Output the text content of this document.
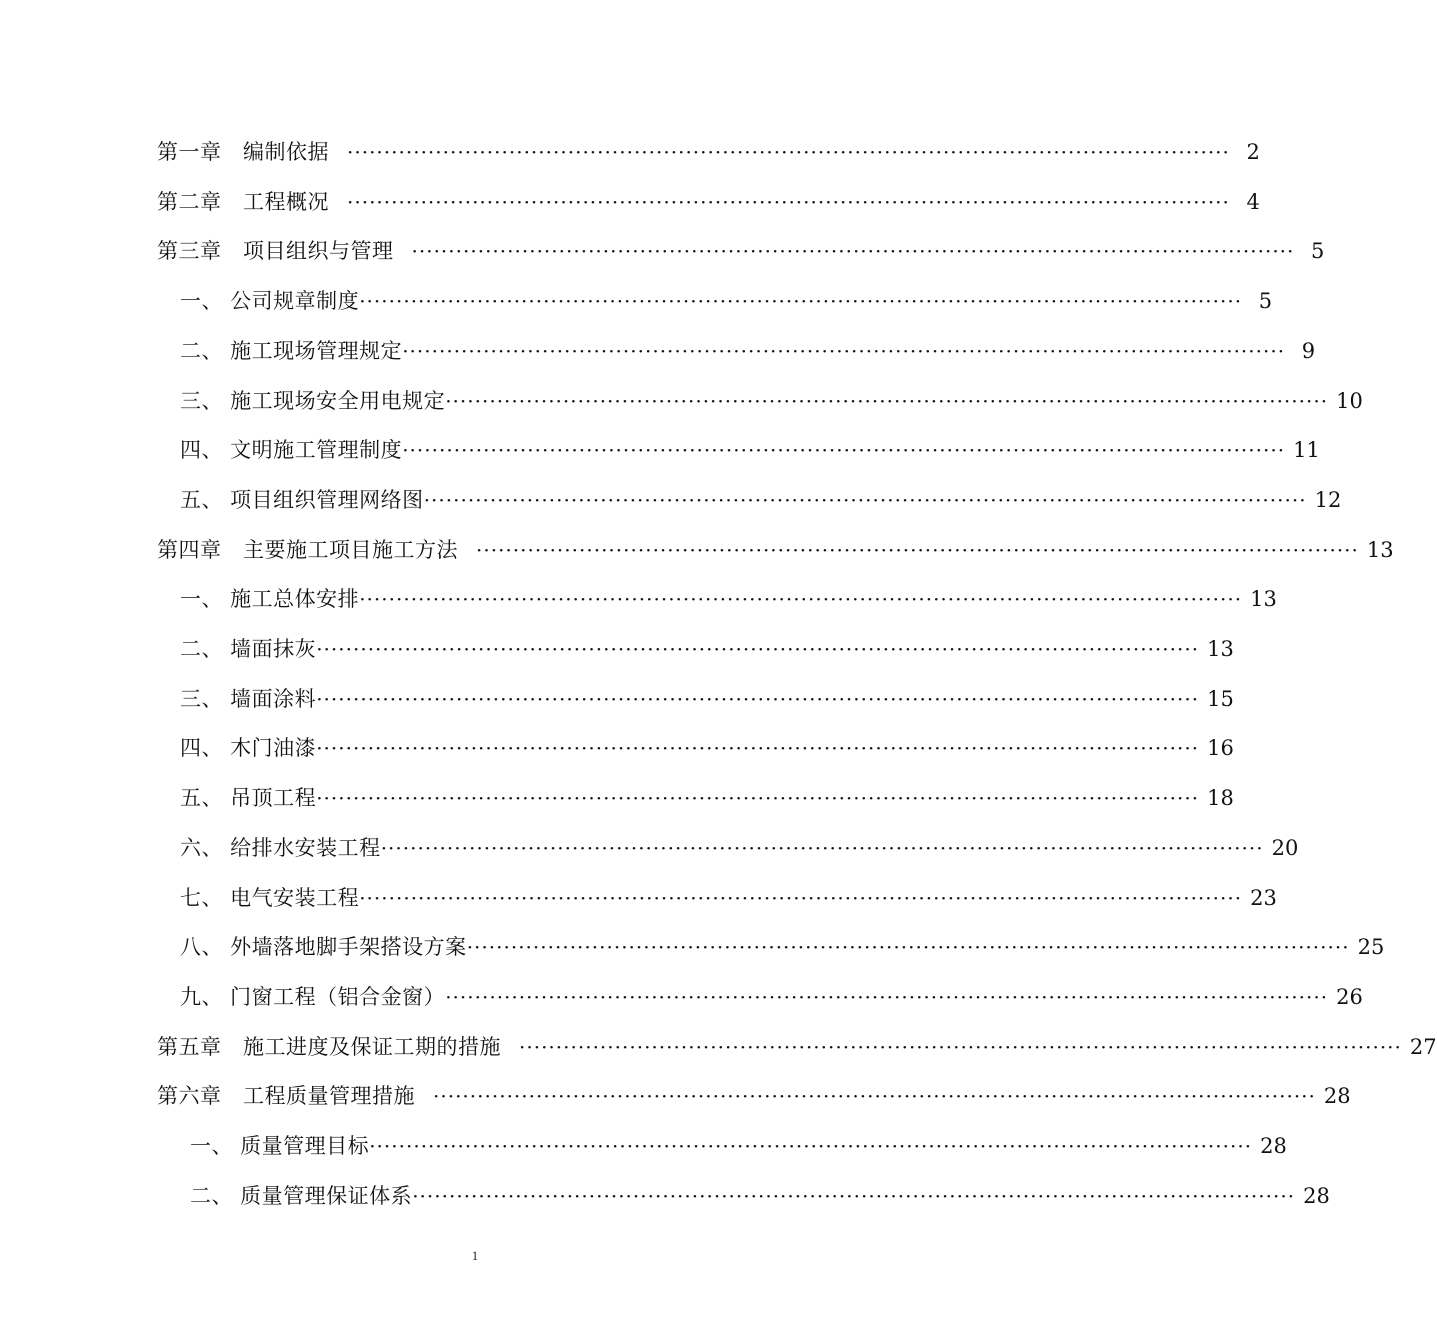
第一章　编制依据 ························································································································ 2
第二章　工程概况 ························································································································ 4
第三章　项目组织与管理 ························································································································ 5
一、 公司规章制度 ························································································································ 5
二、 施工现场管理规定 ························································································································ 9
三、 施工现场安全用电规定 ························································································································ 10
四、 文明施工管理制度 ························································································································ 11
五、 项目组织管理网络图 ························································································································ 12
第四章　主要施工项目施工方法 ························································································································ 13
一、 施工总体安排 ························································································································ 13
二、 墙面抹灰 ························································································································ 13
三、 墙面涂料 ························································································································ 15
四、 木门油漆 ························································································································ 16
五、 吊顶工程 ························································································································ 18
六、 给排水安装工程 ························································································································ 20
七、 电气安装工程 ························································································································ 23
八、 外墙落地脚手架搭设方案 ························································································································ 25
九、 门窗工程（铝合金窗） ························································································································ 26
第五章　施工进度及保证工期的措施 ························································································································ 27
第六章　工程质量管理措施 ························································································································ 28
一、 质量管理目标 ························································································································ 28
二、 质量管理保证体系 ························································································································ 28
1
